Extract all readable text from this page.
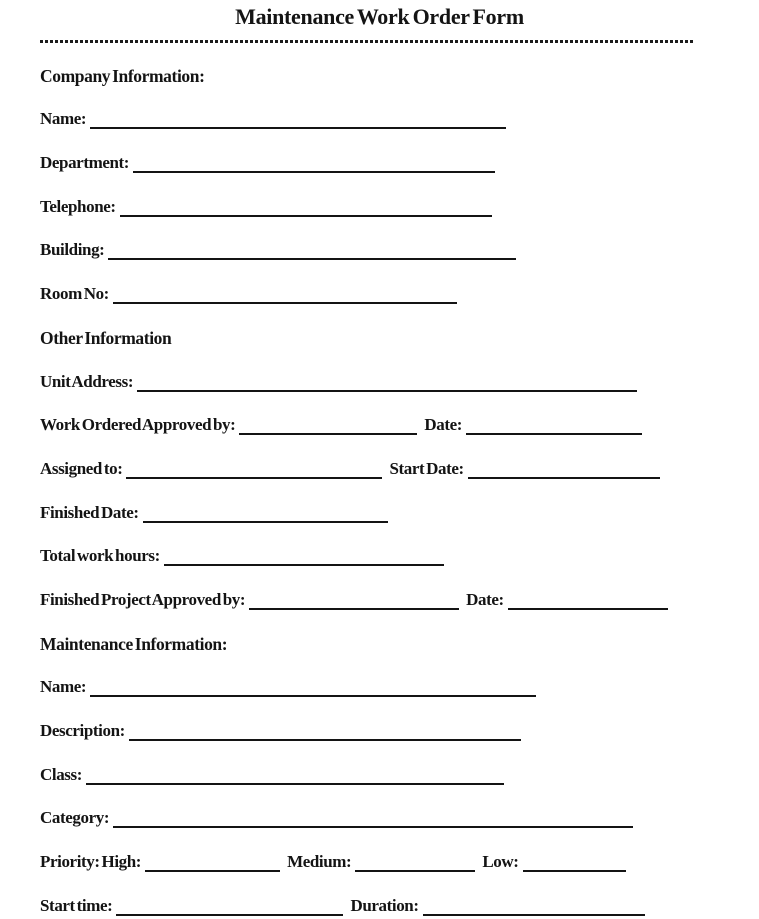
Maintenance Work Order Form
Company Information:
Name:
Department:
Telephone:
Building:
Room No:
Other Information
Unit Address:
Work Ordered Approved by:	Date:
Assigned to:	Start Date:
Finished Date:
Total work hours:
Finished Project Approved by:	Date:
Maintenance Information:
Name:
Description:
Class:
Category:
Priority: High:	Medium:	Low:
Start time:	Duration:
